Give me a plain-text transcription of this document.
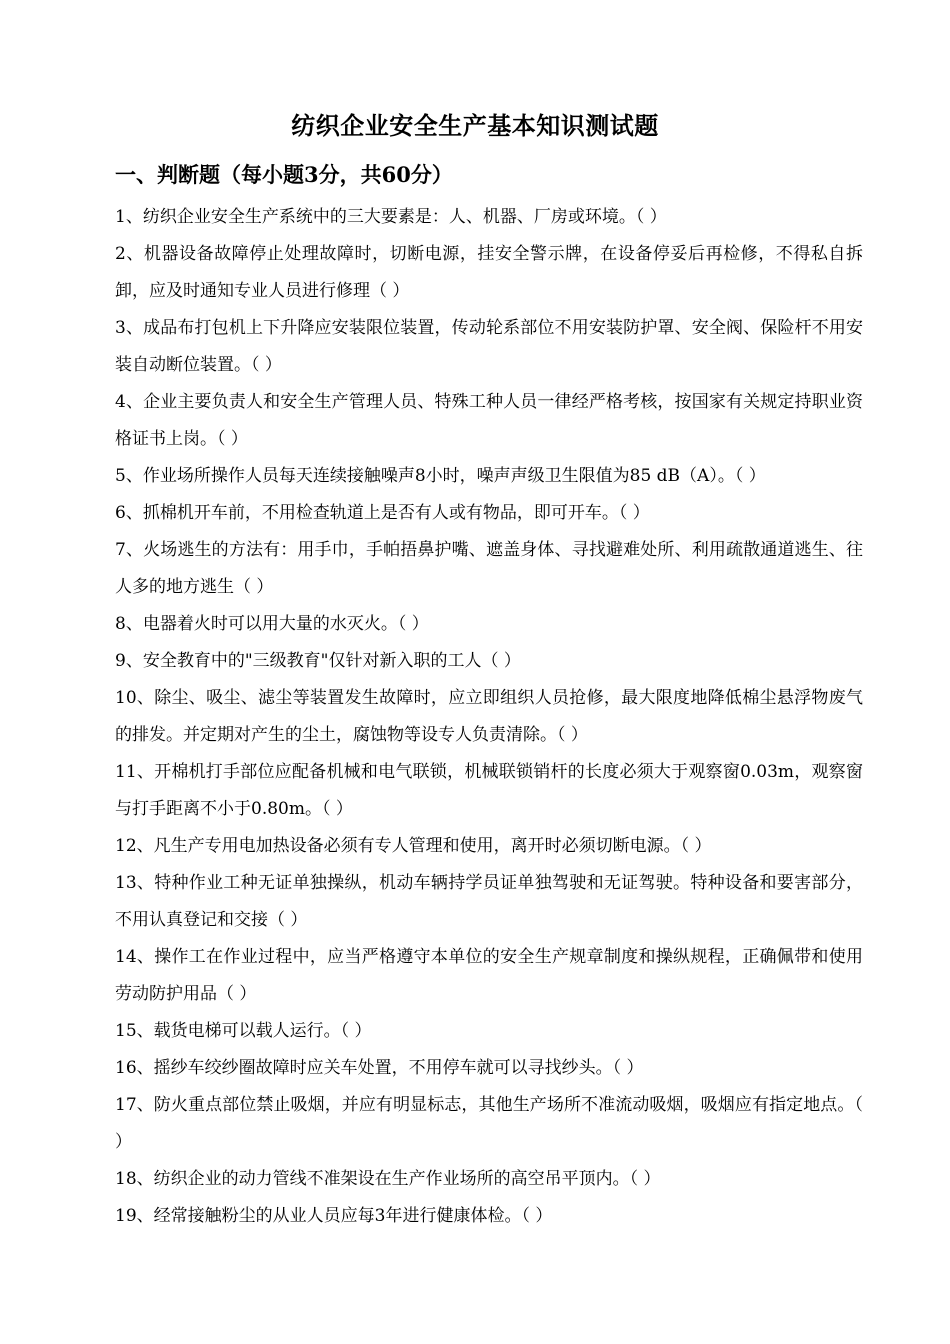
纺织企业安全生产基本知识测试题
一、判断题（每小题3分，共60分）
1、纺织企业安全生产系统中的三大要素是：人、机器、厂房或环境。（ ）
2、机器设备故障停止处理故障时，切断电源，挂安全警示牌，在设备停妥后再检修，不得私自拆卸，应及时通知专业人员进行修理（ ）
3、成品布打包机上下升降应安装限位装置，传动轮系部位不用安装防护罩、安全阀、保险杆不用安装自动断位装置。（ ）
4、企业主要负责人和安全生产管理人员、特殊工种人员一律经严格考核，按国家有关规定持职业资格证书上岗。（ ）
5、作业场所操作人员每天连续接触噪声8小时，噪声声级卫生限值为85 dB（A）。（ ）
6、抓棉机开车前，不用检查轨道上是否有人或有物品，即可开车。（ ）
7、火场逃生的方法有：用手巾，手帕捂鼻护嘴、遮盖身体、寻找避难处所、利用疏散通道逃生、往人多的地方逃生（ ）
8、电器着火时可以用大量的水灭火。（ ）
9、安全教育中的"三级教育"仅针对新入职的工人（ ）
10、除尘、吸尘、滤尘等装置发生故障时，应立即组织人员抢修，最大限度地降低棉尘悬浮物废气的排发。并定期对产生的尘土，腐蚀物等设专人负责清除。（ ）
11、开棉机打手部位应配备机械和电气联锁，机械联锁销杆的长度必须大于观察窗0.03m，观察窗与打手距离不小于0.80m。（ ）
12、凡生产专用电加热设备必须有专人管理和使用，离开时必须切断电源。（ ）
13、特种作业工种无证单独操纵，机动车辆持学员证单独驾驶和无证驾驶。特种设备和要害部分，不用认真登记和交接（ ）
14、操作工在作业过程中，应当严格遵守本单位的安全生产规章制度和操纵规程，正确佩带和使用劳动防护用品（ ）
15、载货电梯可以载人运行。（ ）
16、摇纱车绞纱圈故障时应关车处置，不用停车就可以寻找纱头。（ ）
17、防火重点部位禁止吸烟，并应有明显标志，其他生产场所不准流动吸烟，吸烟应有指定地点。（ ）
18、纺织企业的动力管线不准架设在生产作业场所的高空吊平顶内。（ ）
19、经常接触粉尘的从业人员应每3年进行健康体检。（ ）
